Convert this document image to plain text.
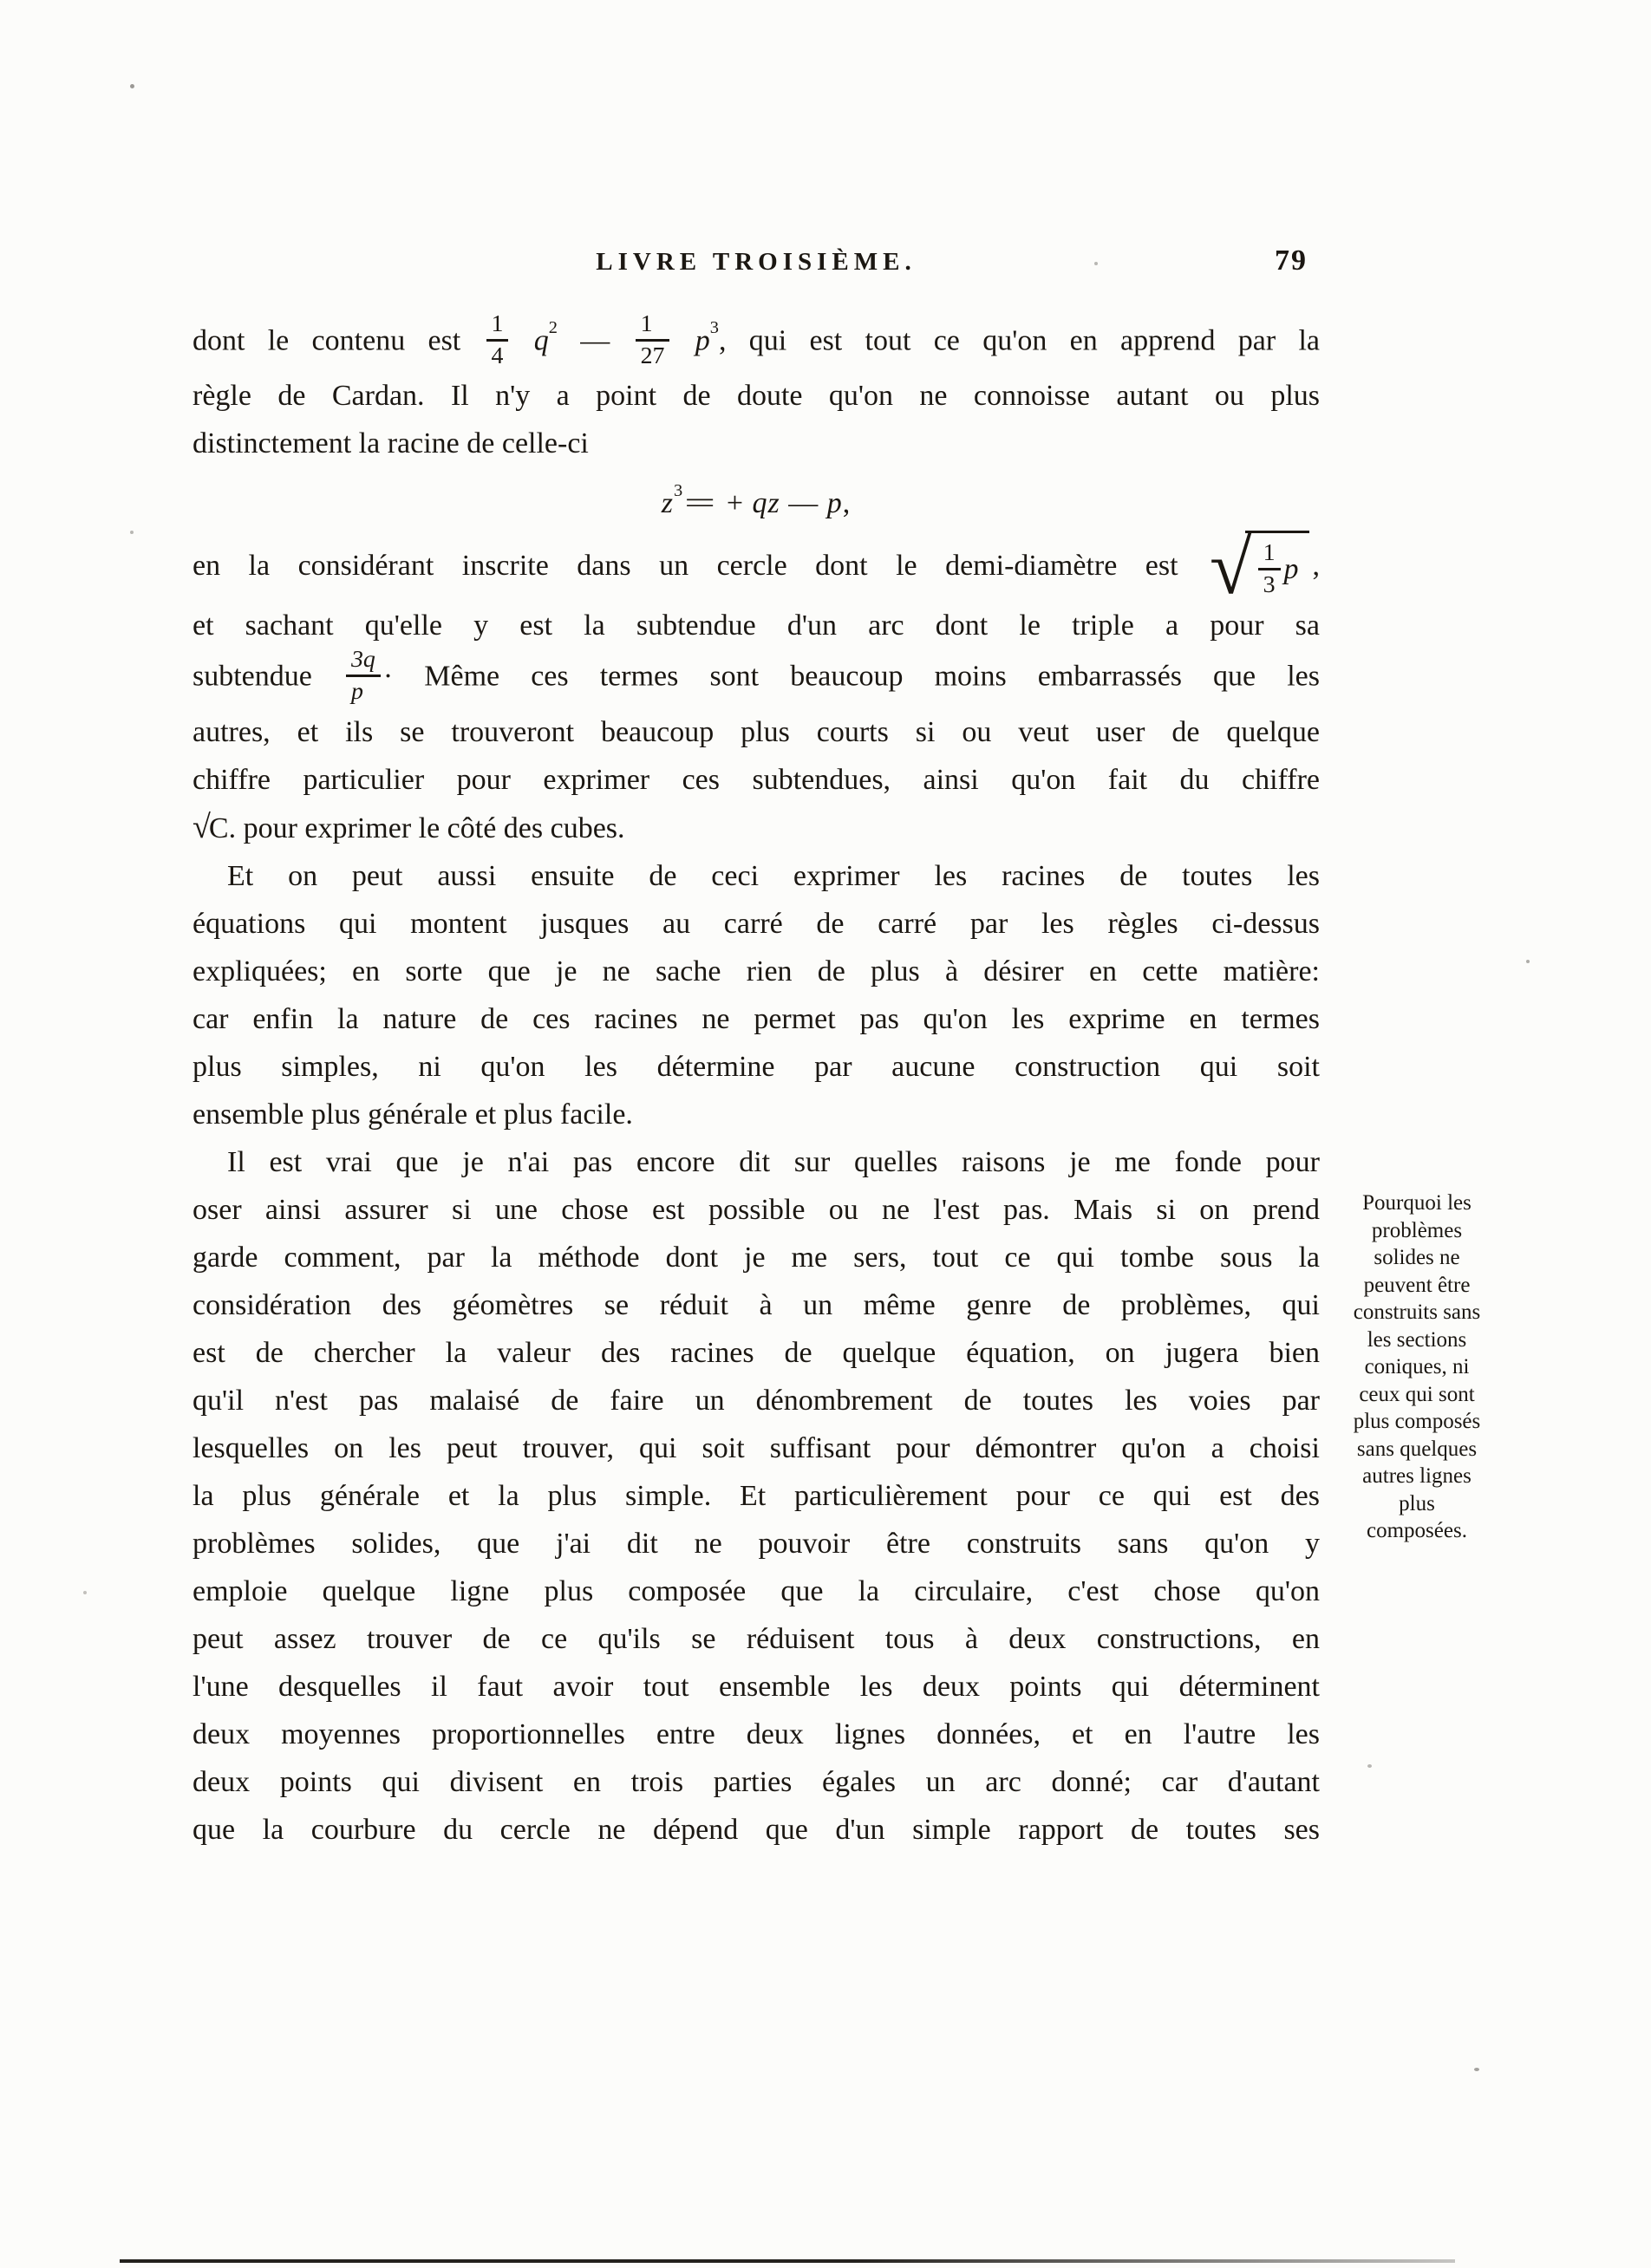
LIVRE TROISIÈME.	79
dont le contenu est $\frac{1}{4} q^2$ — $\frac{1}{27} p^3$, qui est tout ce qu'on en apprend par la
règle de Cardan. Il n'y a point de doute qu'on ne connoisse autant ou plus
distinctement la racine de celle-ci
$z^3=$ + qz — p,
en la considérant inscrite dans un cercle dont le demi-diamètre est √ $\frac{1}{3}$ p ,
et sachant qu'elle y est la subtendue d'un arc dont le triple a pour sa
subtendue $\frac{3q}{p}$ · Même ces termes sont beaucoup moins embarrassés que les
autres, et ils se trouveront beaucoup plus courts si ou veut user de quelque
chiffre particulier pour exprimer ces subtendues, ainsi qu'on fait du chiffre
√C. pour exprimer le côté des cubes.
Et on peut aussi ensuite de ceci exprimer les racines de toutes les
équations qui montent jusques au carré de carré par les règles ci-dessus
expliquées; en sorte que je ne sache rien de plus à désirer en cette matière:
car enfin la nature de ces racines ne permet pas qu'on les exprime en termes
plus simples, ni qu'on les détermine par aucune construction qui soit
ensemble plus générale et plus facile.
Il est vrai que je n'ai pas encore dit sur quelles raisons je me fonde pour
oser ainsi assurer si une chose est possible ou ne l'est pas. Mais si on prend
garde comment, par la méthode dont je me sers, tout ce qui tombe sous la
considération des géomètres se réduit à un même genre de problèmes, qui
est de chercher la valeur des racines de quelque équation, on jugera bien
qu'il n'est pas malaisé de faire un dénombrement de toutes les voies par
lesquelles on les peut trouver, qui soit suffisant pour démontrer qu'on a choisi
la plus générale et la plus simple. Et particulièrement pour ce qui est des
problèmes solides, que j'ai dit ne pouvoir être construits sans qu'on y
emploie quelque ligne plus composée que la circulaire, c'est chose qu'on
peut assez trouver de ce qu'ils se réduisent tous à deux constructions, en
l'une desquelles il faut avoir tout ensemble les deux points qui déterminent
deux moyennes proportionnelles entre deux lignes données, et en l'autre les
deux points qui divisent en trois parties égales un arc donné; car d'autant
que la courbure du cercle ne dépend que d'un simple rapport de toutes ses
Pourquoi les
problèmes
solides ne
peuvent être
construits sans
les sections
coniques, ni
ceux qui sont
plus composés
sans quelques
autres lignes
plus
composées.
